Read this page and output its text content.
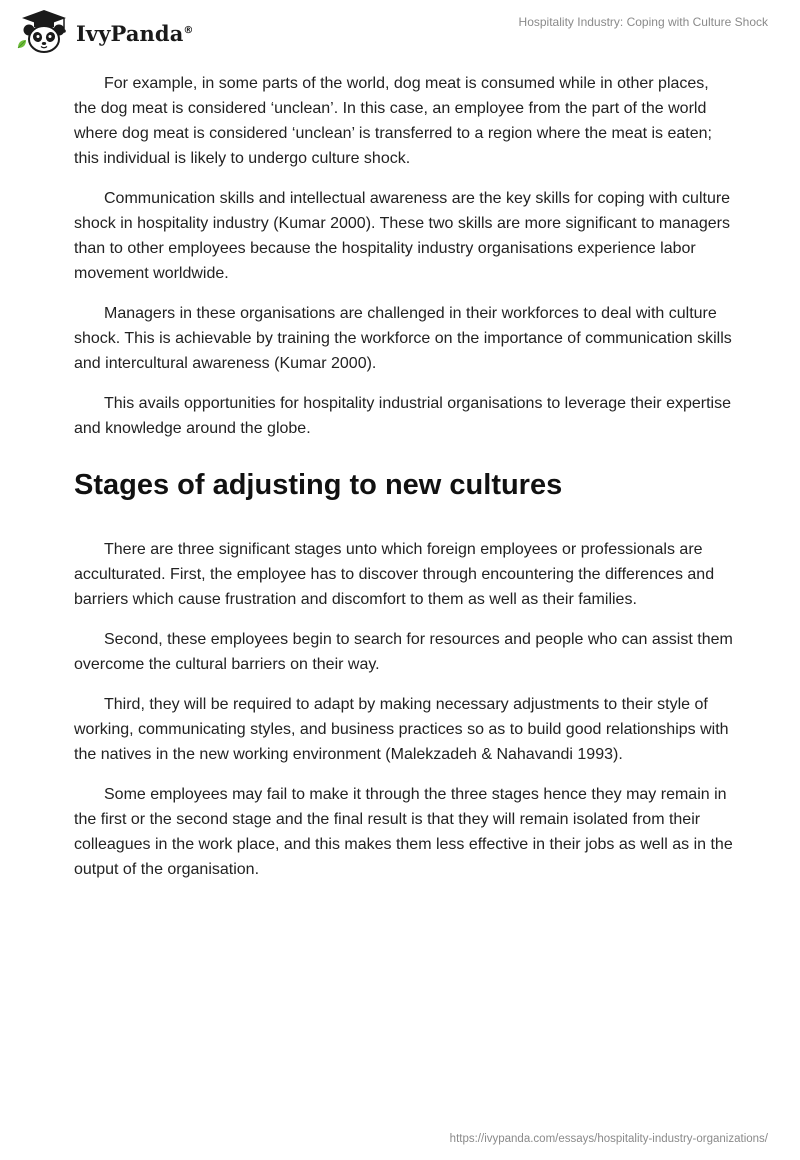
IvyPanda®
Hospitality Industry: Coping with Culture Shock

For example, in some parts of the world, dog meat is consumed while in other places, the dog meat is considered ‘unclean’. In this case, an employee from the part of the world where dog meat is considered ‘unclean’ is transferred to a region where the meat is eaten; this individual is likely to undergo culture shock.

Communication skills and intellectual awareness are the key skills for coping with culture shock in hospitality industry (Kumar 2000). These two skills are more significant to managers than to other employees because the hospitality industry organisations experience labor movement worldwide.

Managers in these organisations are challenged in their workforces to deal with culture shock. This is achievable by training the workforce on the importance of communication skills and intercultural awareness (Kumar 2000).

This avails opportunities for hospitality industrial organisations to leverage their expertise and knowledge around the globe.

Stages of adjusting to new cultures

There are three significant stages unto which foreign employees or professionals are acculturated. First, the employee has to discover through encountering the differences and barriers which cause frustration and discomfort to them as well as their families.

Second, these employees begin to search for resources and people who can assist them overcome the cultural barriers on their way.

Third, they will be required to adapt by making necessary adjustments to their style of working, communicating styles, and business practices so as to build good relationships with the natives in the new working environment (Malekzadeh & Nahavandi 1993).

Some employees may fail to make it through the three stages hence they may remain in the first or the second stage and the final result is that they will remain isolated from their colleagues in the work place, and this makes them less effective in their jobs as well as in the output of the organisation.

https://ivypanda.com/essays/hospitality-industry-organizations/
